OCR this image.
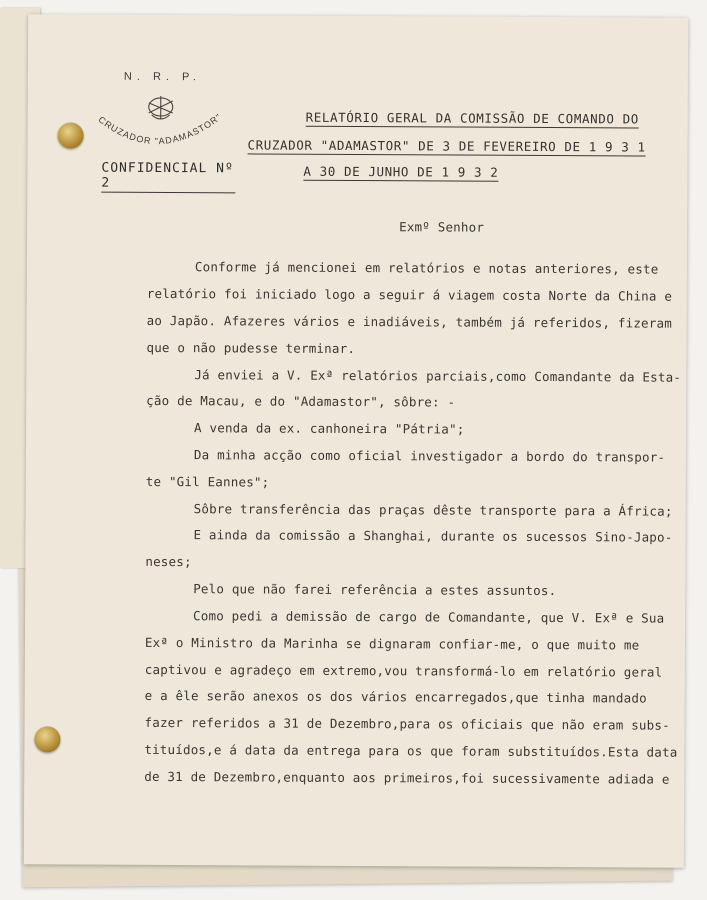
N. R. P.
CRUZADOR "ADAMASTOR"
CONFIDENCIAL Nº 2
RELATÓRIO GERAL DA COMISSÃO DE COMANDO DO
CRUZADOR "ADAMASTOR" DE 3 DE FEVEREIRO DE 1 9 3 1
A 30 DE JUNHO DE 1 9 3 2
Exmº Senhor
Conforme já mencionei em relatórios e notas anteriores, este
relatório foi iniciado logo a seguir á viagem costa Norte da China e
ao Japão. Afazeres vários e inadiáveis, também já referidos, fizeram
que o não pudesse terminar.
Já enviei a V. Exª relatórios parciais,como Comandante da Esta-
ção de Macau, e do "Adamastor", sôbre: -
A venda da ex. canhoneira "Pátria";
Da minha acção como oficial investigador a bordo do transpor-
te "Gil Eannes";
Sôbre transferência das praças dêste transporte para a África;
E ainda da comissão a Shanghai, durante os sucessos Sino-Japo-
neses;
Pelo que não farei referência a estes assuntos.
Como pedi a demissão de cargo de Comandante, que V. Exª e Sua
Exª o Ministro da Marinha se dignaram confiar-me, o que muito me
captivou e agradeço em extremo,vou transformá-lo em relatório geral
e a êle serão anexos os dos vários encarregados,que tinha mandado
fazer referidos a 31 de Dezembro,para os oficiais que não eram subs-
tituídos,e á data da entrega para os que foram substituídos.Esta data
de 31 de Dezembro,enquanto aos primeiros,foi sucessivamente adiada e
